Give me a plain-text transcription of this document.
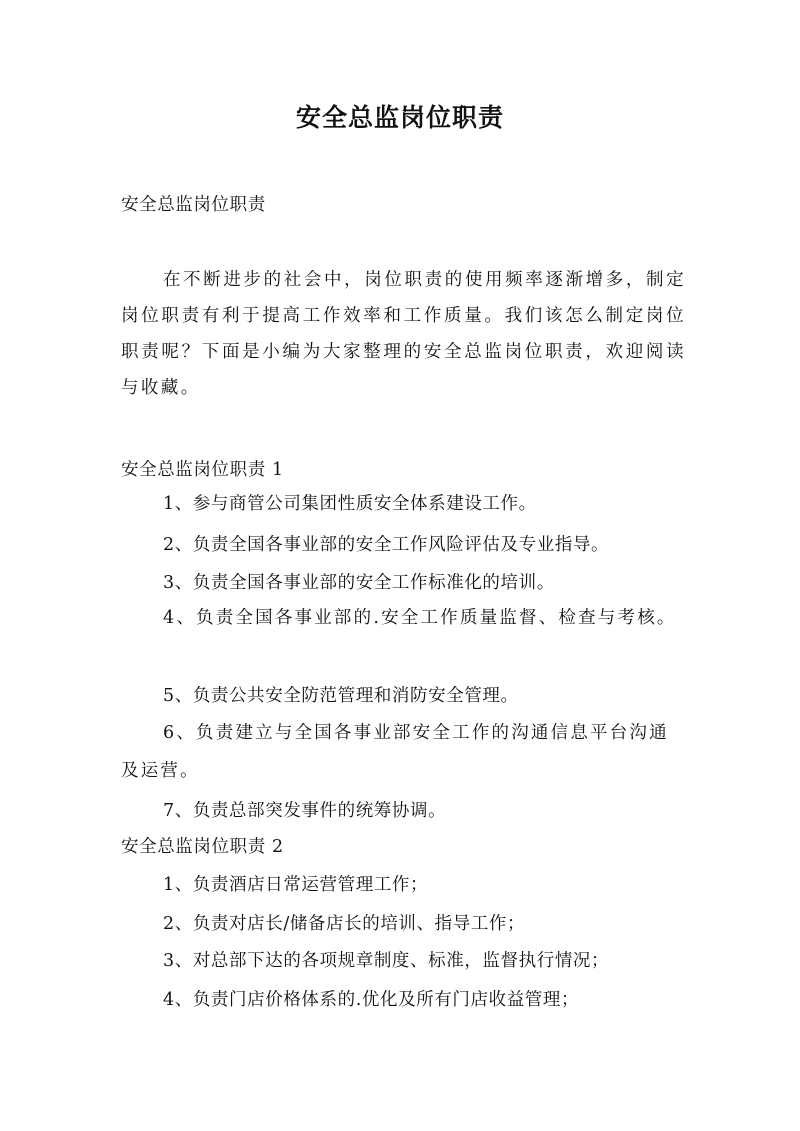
安全总监岗位职责
安全总监岗位职责
在不断进步的社会中，岗位职责的使用频率逐渐增多，制定岗位职责有利于提高工作效率和工作质量。我们该怎么制定岗位职责呢？下面是小编为大家整理的安全总监岗位职责，欢迎阅读与收藏。
安全总监岗位职责 1
1、参与商管公司集团性质安全体系建设工作。
2、负责全国各事业部的安全工作风险评估及专业指导。
3、负责全国各事业部的安全工作标准化的培训。
4、负责全国各事业部的.安全工作质量监督、检查与考核。
5、负责公共安全防范管理和消防安全管理。
6、负责建立与全国各事业部安全工作的沟通信息平台沟通及运营。
7、负责总部突发事件的统筹协调。
安全总监岗位职责 2
1、负责酒店日常运营管理工作；
2、负责对店长/储备店长的培训、指导工作；
3、对总部下达的各项规章制度、标准，监督执行情况；
4、负责门店价格体系的.优化及所有门店收益管理；
